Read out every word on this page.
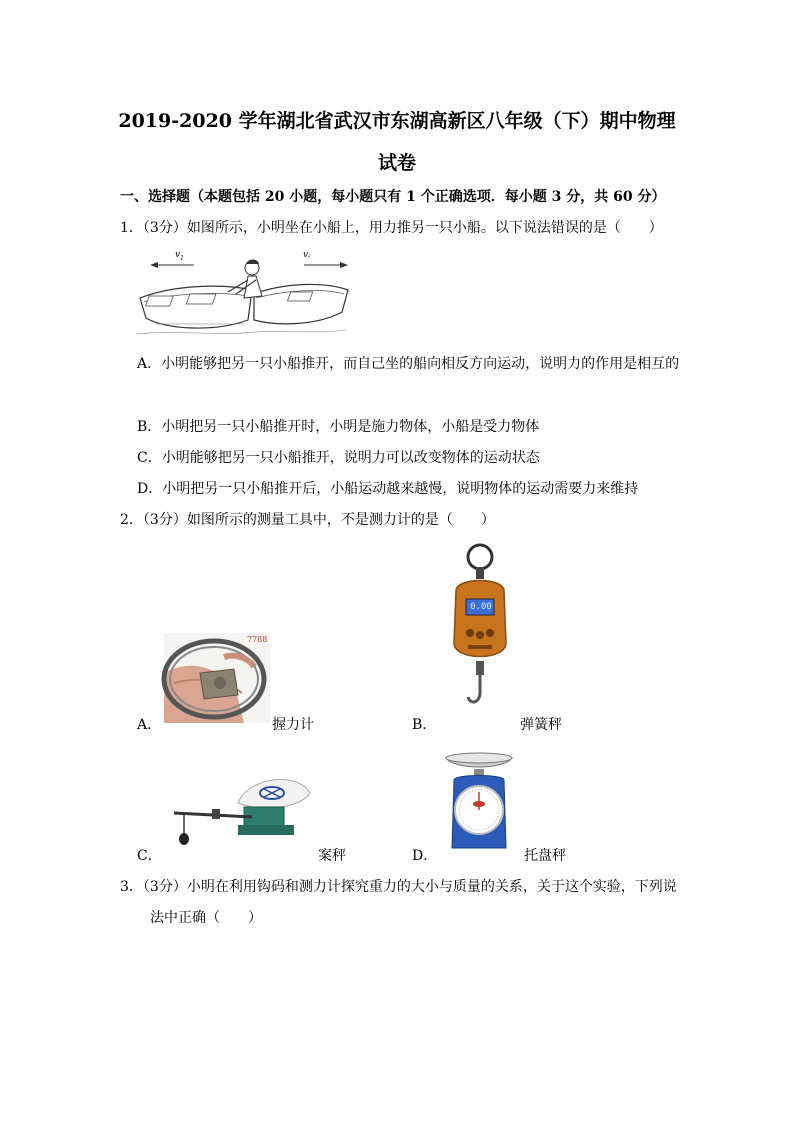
2019-2020 学年湖北省武汉市东湖高新区八年级（下）期中物理
试卷
一、选择题（本题包括 20 小题，每小题只有 1 个正确选项．每小题 3 分，共 60 分）
1．（3分）如图所示，小明坐在小船上，用力推另一只小船。以下说法错误的是（　　）
$v_1$	v₂
A．小明能够把另一只小船推开，而自己坐的船向相反方向运动，说明力的作用是相互的
B．小明把另一只小船推开时，小明是施力物体，小船是受力物体
C．小明能够把另一只小船推开，说明力可以改变物体的运动状态
D．小明把另一只小船推开后，小船运动越来越慢，说明物体的运动需要力来维持
2．（3分）如图所示的测量工具中，不是测力计的是（　　）
A．
7788
握力计	B．
0.00
弹簧秤
C．	案秤	D．	托盘秤
3．（3分）小明在利用钩码和测力计探究重力的大小与质量的关系，关于这个实验，下列说
法中正确（　　）
